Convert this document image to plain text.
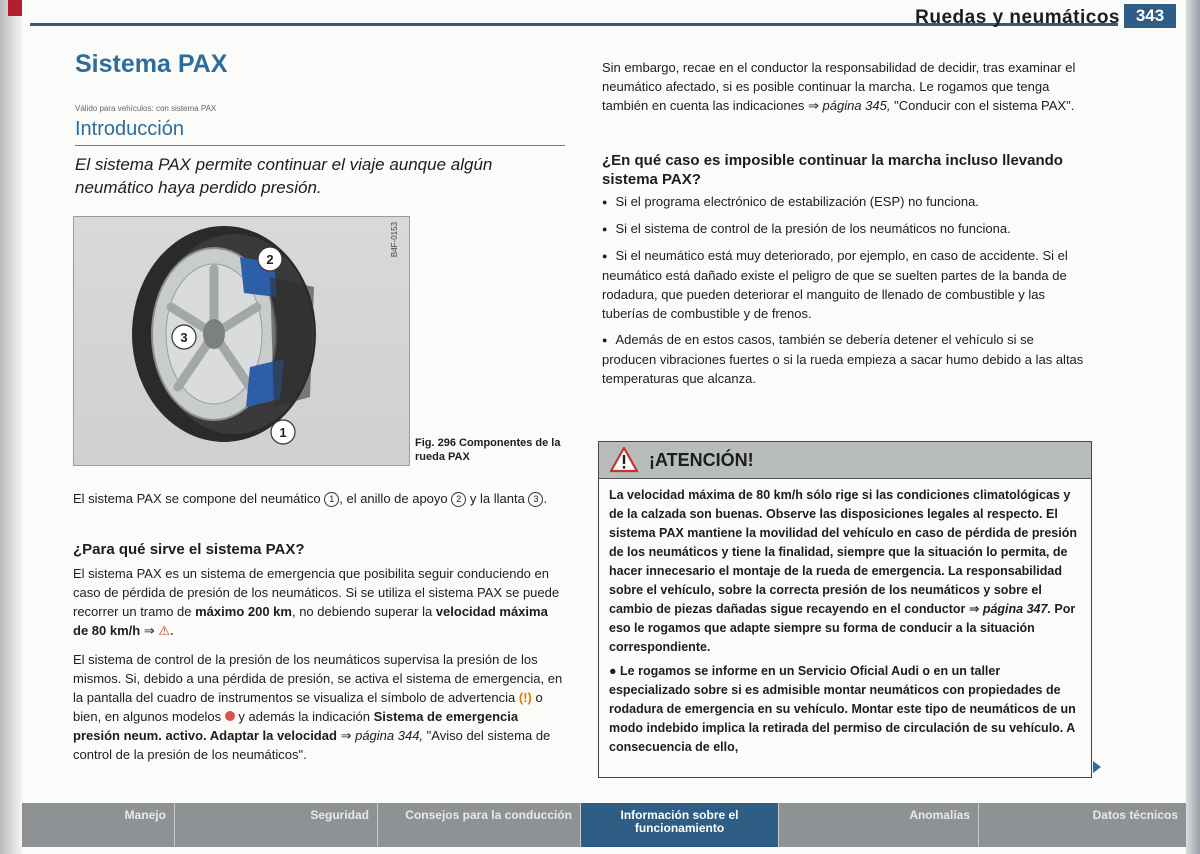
Ruedas y neumáticos 343
Sistema PAX
Válido para vehículos: con sistema PAX
Introducción
El sistema PAX permite continuar el viaje aunque algún neumático haya perdido presión.
2
3
1
B4F-0153
Fig. 296 Componentes de la rueda PAX
El sistema PAX se compone del neumático 1 , el anillo de apoyo 2 y la llanta 3 .
¿Para qué sirve el sistema PAX?
El sistema PAX es un sistema de emergencia que posibilita seguir conduciendo en caso de pérdida de presión de los neumáticos. Si se utiliza el sistema PAX se puede recorrer un tramo de máximo 200 km, no debiendo superar la velocidad máxima de 80 km/h ⇒ ⚠.
El sistema de control de la presión de los neumáticos supervisa la presión de los mismos. Si, debido a una pérdida de presión, se activa el sistema de emergencia, en la pantalla del cuadro de instrumentos se visualiza el símbolo de advertencia (!) o bien, en algunos modelos y además la indicación Sistema de emergencia presión neum. activo. Adaptar la velocidad ⇒ página 344, "Aviso del sistema de control de la presión de los neumáticos".
Sin embargo, recae en el conductor la responsabilidad de decidir, tras examinar el neumático afectado, si es posible continuar la marcha. Le rogamos que tenga también en cuenta las indicaciones ⇒ página 345, "Conducir con el sistema PAX".
¿En qué caso es imposible continuar la marcha incluso llevando sistema PAX?
● Si el programa electrónico de estabilización (ESP) no funciona.
● Si el sistema de control de la presión de los neumáticos no funciona.
● Si el neumático está muy deteriorado, por ejemplo, en caso de accidente. Si el neumático está dañado existe el peligro de que se suelten partes de la banda de rodadura, que pueden deteriorar el manguito de llenado de combustible y las tuberías de combustible y de frenos.
● Además de en estos casos, también se debería detener el vehículo si se producen vibraciones fuertes o si la rueda empieza a sacar humo debido a las altas temperaturas que alcanza.
¡ATENCIÓN!

La velocidad máxima de 80 km/h sólo rige si las condiciones climatológicas y de la calzada son buenas. Observe las disposiciones legales al respecto. El sistema PAX mantiene la movilidad del vehículo en caso de pérdida de presión de los neumáticos y tiene la finalidad, siempre que la situación lo permita, de hacer innecesario el montaje de la rueda de emergencia. La responsabilidad sobre el vehículo, sobre la correcta presión de los neumáticos y sobre el cambio de piezas dañadas sigue recayendo en el conductor ⇒ página 347. Por eso le rogamos que adapte siempre su forma de conducir a la situación correspondiente.

● Le rogamos se informe en un Servicio Oficial Audi o en un taller especializado sobre si es admisible montar neumáticos con propiedades de rodadura de emergencia en su vehículo. Montar este tipo de neumáticos de un modo indebido implica la retirada del permiso de circulación de su vehículo. A consecuencia de ello,

Manejo	Seguridad	Consejos para la conducción	Información sobre el funcionamiento
Anomalías	Datos técnicos
